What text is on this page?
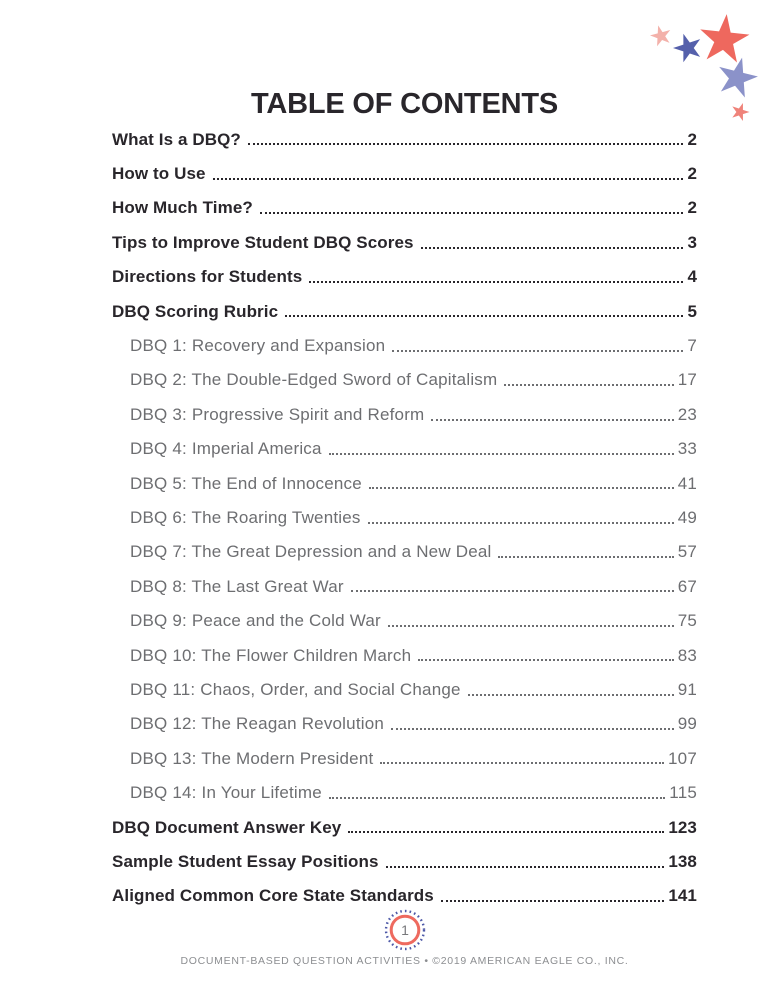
TABLE OF CONTENTS
What Is a DBQ?	2
How to Use	2
How Much Time?	2
Tips to Improve Student DBQ Scores	3
Directions for Students	4
DBQ Scoring Rubric	5
DBQ 1: Recovery and Expansion	7
DBQ 2: The Double-Edged Sword of Capitalism	17
DBQ 3: Progressive Spirit and Reform	23
DBQ 4: Imperial America	33
DBQ 5: The End of Innocence	41
DBQ 6: The Roaring Twenties	49
DBQ 7: The Great Depression and a New Deal	57
DBQ 8: The Last Great War	67
DBQ 9: Peace and the Cold War	75
DBQ 10: The Flower Children March	83
DBQ 11: Chaos, Order, and Social Change	91
DBQ 12: The Reagan Revolution	99
DBQ 13: The Modern President	107
DBQ 14: In Your Lifetime	115
DBQ Document Answer Key	123
Sample Student Essay Positions	138
Aligned Common Core State Standards	141
1
DOCUMENT-BASED QUESTION ACTIVITIES • ©2019 AMERICAN EAGLE CO., INC.
